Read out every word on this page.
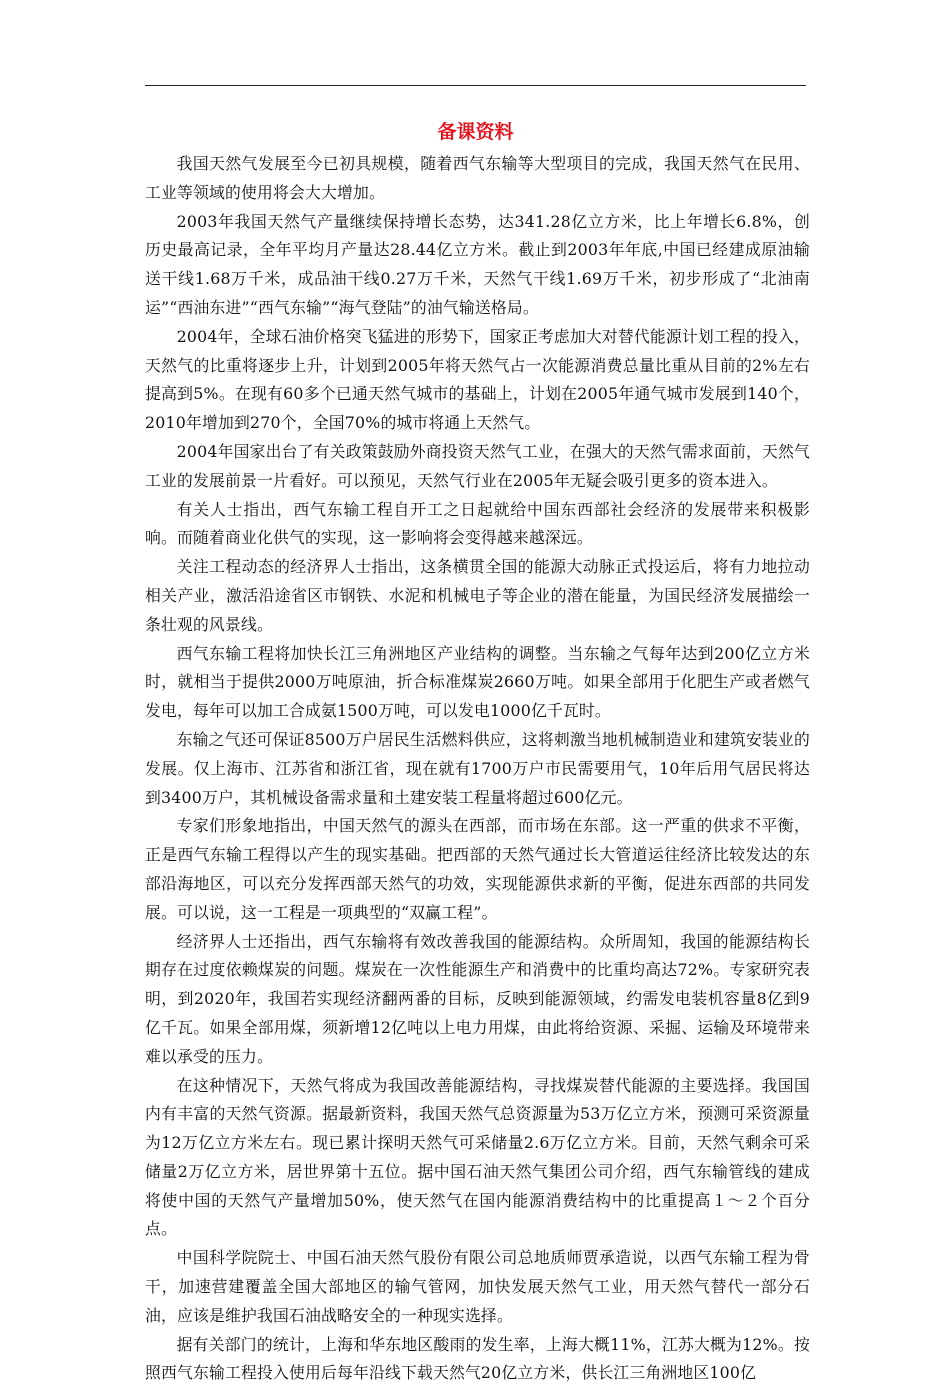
备课资料

我国天然气发展至今已初具规模，随着西气东输等大型项目的完成，我国天然气在民用、工业等领域的使用将会大大增加。

2003年我国天然气产量继续保持增长态势，达341.28亿立方米，比上年增长6.8%，创历史最高记录，全年平均月产量达28.44亿立方米。截止到2003年年底,中国已经建成原油输送干线1.68万千米，成品油干线0.27万千米，天然气干线1.69万千米，初步形成了“北油南运”“西油东进”“西气东输”“海气登陆”的油气输送格局。

2004年，全球石油价格突飞猛进的形势下，国家正考虑加大对替代能源计划工程的投入，天然气的比重将逐步上升，计划到2005年将天然气占一次能源消费总量比重从目前的2%左右提高到5%。在现有60多个已通天然气城市的基础上，计划在2005年通气城市发展到140个，2010年增加到270个，全国70%的城市将通上天然气。

2004年国家出台了有关政策鼓励外商投资天然气工业，在强大的天然气需求面前，天然气工业的发展前景一片看好。可以预见，天然气行业在2005年无疑会吸引更多的资本进入。

有关人士指出，西气东输工程自开工之日起就给中国东西部社会经济的发展带来积极影响。而随着商业化供气的实现，这一影响将会变得越来越深远。

关注工程动态的经济界人士指出，这条横贯全国的能源大动脉正式投运后，将有力地拉动相关产业，激活沿途省区市钢铁、水泥和机械电子等企业的潜在能量，为国民经济发展描绘一条壮观的风景线。

西气东输工程将加快长江三角洲地区产业结构的调整。当东输之气每年达到200亿立方米时，就相当于提供2000万吨原油，折合标准煤炭2660万吨。如果全部用于化肥生产或者燃气发电，每年可以加工合成氨1500万吨，可以发电1000亿千瓦时。

东输之气还可保证8500万户居民生活燃料供应，这将刺激当地机械制造业和建筑安装业的发展。仅上海市、江苏省和浙江省，现在就有1700万户市民需要用气，10年后用气居民将达到3400万户，其机械设备需求量和土建安装工程量将超过600亿元。

专家们形象地指出，中国天然气的源头在西部，而市场在东部。这一严重的供求不平衡，正是西气东输工程得以产生的现实基础。把西部的天然气通过长大管道运往经济比较发达的东部沿海地区，可以充分发挥西部天然气的功效，实现能源供求新的平衡，促进东西部的共同发展。可以说，这一工程是一项典型的“双赢工程”。

经济界人士还指出，西气东输将有效改善我国的能源结构。众所周知，我国的能源结构长期存在过度依赖煤炭的问题。煤炭在一次性能源生产和消费中的比重均高达72%。专家研究表明，到2020年，我国若实现经济翻两番的目标，反映到能源领域，约需发电装机容量8亿到9亿千瓦。如果全部用煤，须新增12亿吨以上电力用煤，由此将给资源、采掘、运输及环境带来难以承受的压力。

在这种情况下，天然气将成为我国改善能源结构，寻找煤炭替代能源的主要选择。我国国内有丰富的天然气资源。据最新资料，我国天然气总资源量为53万亿立方米，预测可采资源量为12万亿立方米左右。现已累计探明天然气可采储量2.6万亿立方米。目前，天然气剩余可采储量2万亿立方米，居世界第十五位。据中国石油天然气集团公司介绍，西气东输管线的建成将使中国的天然气产量增加50%，使天然气在国内能源消费结构中的比重提高１～２个百分点。

中国科学院院士、中国石油天然气股份有限公司总地质师贾承造说，以西气东输工程为骨干，加速营建覆盖全国大部地区的输气管网，加快发展天然气工业，用天然气替代一部分石油，应该是维护我国石油战略安全的一种现实选择。

据有关部门的统计，上海和华东地区酸雨的发生率，上海大概11%，江苏大概为12%。按照西气东输工程投入使用后每年沿线下载天然气20亿立方米，供长江三角洲地区100亿
